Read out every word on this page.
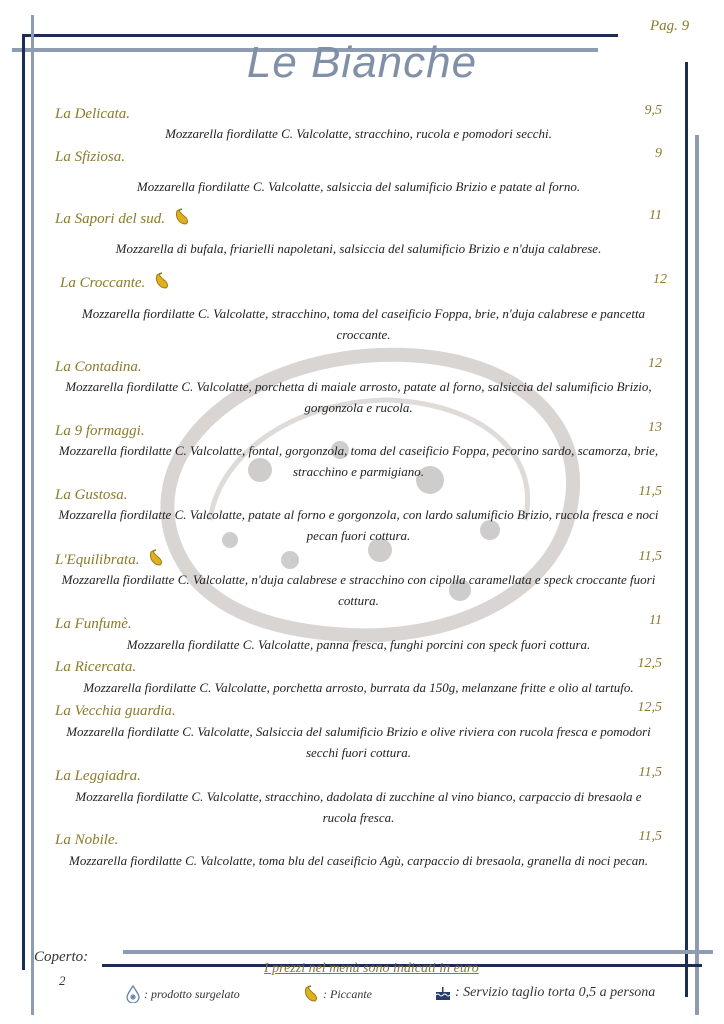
Pag. 9
Le Bianche
La Delicata.	9,5
Mozzarella fiordilatte C. Valcolatte, stracchino, rucola e pomodori secchi.
La Sfiziosa.	9
Mozzarella fiordilatte C. Valcolatte, salsiccia del salumificio Brizio e patate al forno.
La Sapori del sud.	11
Mozzarella di bufala, friarielli napoletani, salsiccia del salumificio Brizio e n'duja calabrese.
La Croccante.	12
Mozzarella fiordilatte C. Valcolatte, stracchino, toma del caseificio Foppa, brie, n'duja calabrese e pancetta croccante.
La Contadina.	12
Mozzarella fiordilatte C. Valcolatte, porchetta di maiale arrosto, patate al forno, salsiccia del salumificio Brizio, gorgonzola e rucola.
La 9 formaggi.	13
Mozzarella fiordilatte C. Valcolatte, fontal, gorgonzola, toma del caseificio Foppa, pecorino sardo, scamorza, brie, stracchino e parmigiano.
La Gustosa.	11,5
Mozzarella fiordilatte C. Valcolatte, patate al forno e gorgonzola, con lardo salumificio Brizio, rucola fresca e noci pecan fuori cottura.
L'Equilibrata.	11,5
Mozzarella fiordilatte C. Valcolatte, n'duja calabrese e stracchino con cipolla caramellata e speck croccante fuori cottura.
La Funfumè.	11
Mozzarella fiordilatte C. Valcolatte, panna fresca, funghi porcini con speck fuori cottura.
La Ricercata.	12,5
Mozzarella fiordilatte C. Valcolatte, porchetta arrosto, burrata da 150g, melanzane fritte e olio al tartufo.
La Vecchia guardia.	12,5
Mozzarella fiordilatte C. Valcolatte, Salsiccia del salumificio Brizio e olive riviera con rucola fresca e pomodori secchi fuori cottura.
La Leggiadra.	11,5
Mozzarella fiordilatte C. Valcolatte, stracchino, dadolata di zucchine al vino bianco, carpaccio di bresaola e rucola fresca.
La Nobile.	11,5
Mozzarella fiordilatte C. Valcolatte, toma blu del caseificio Agù, carpaccio di bresaola, granella di noci pecan.
Coperto:
2
I prezzi nel menù sono indicati in euro
: prodotto surgelato	: Piccante	: Servizio taglio torta 0,5 a persona
